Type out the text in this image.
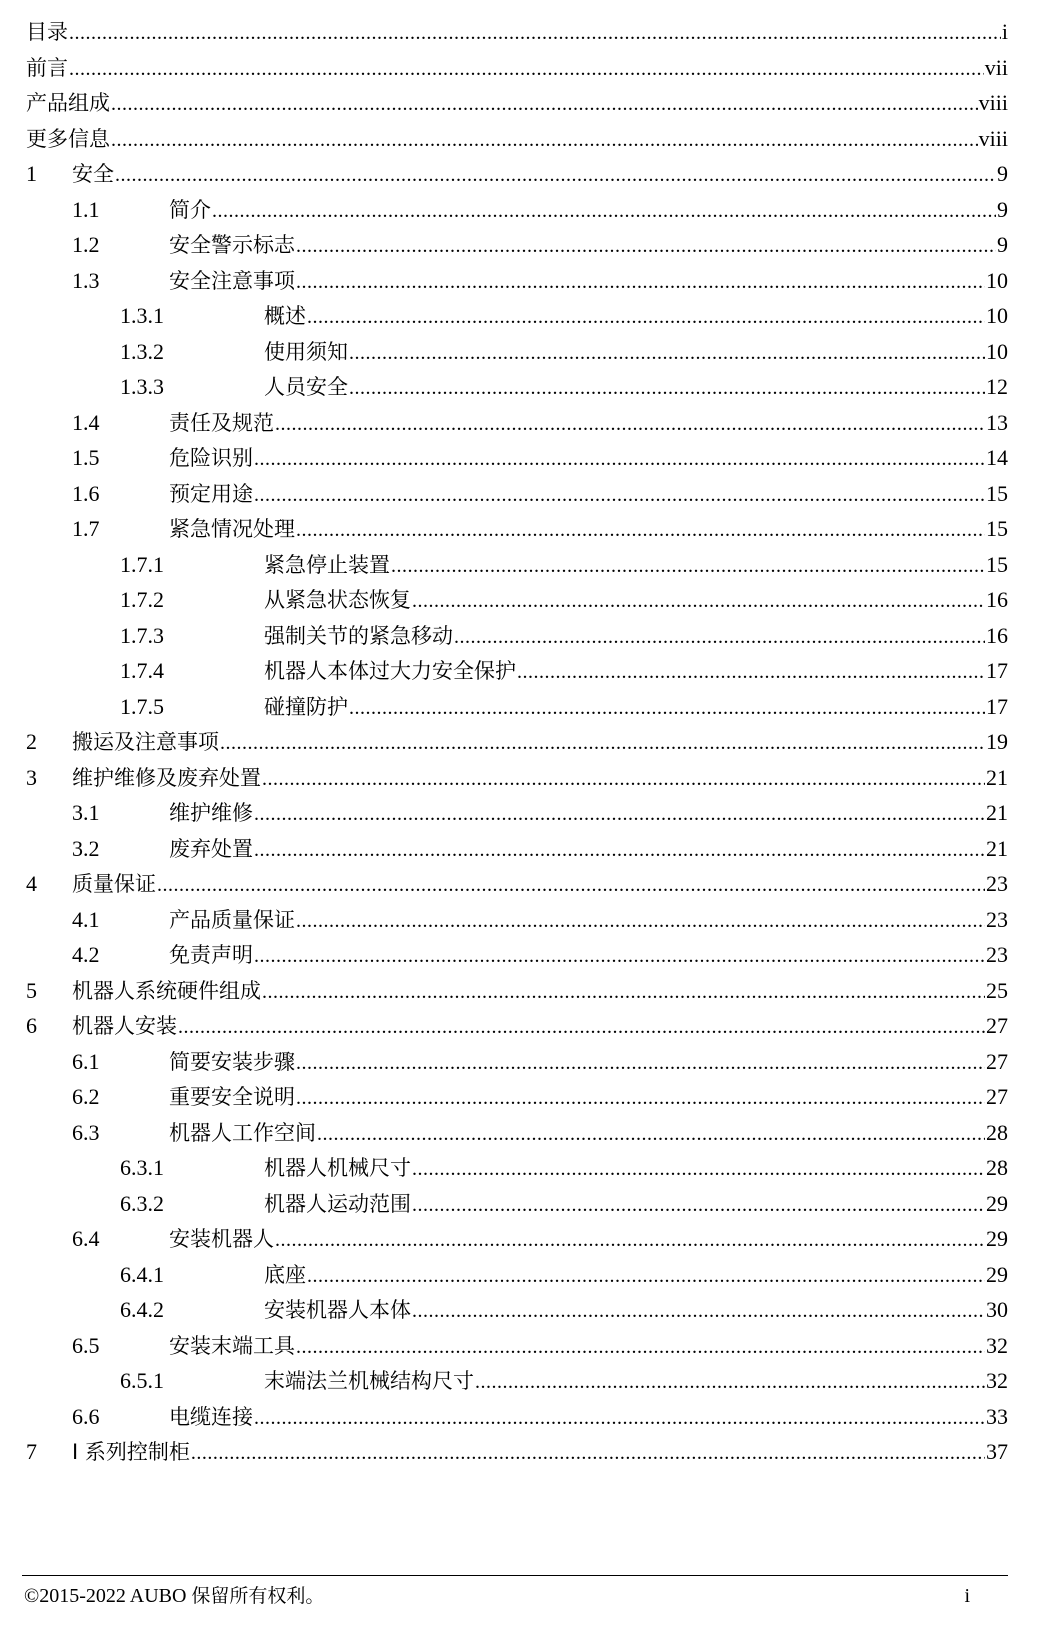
目录 .....	i
前言 .....	vii
产品组成 .....	viii
更多信息 .....	viii
1	安全 .....	9
1.1	简介 .....	9
1.2	安全警示标志 .....	9
1.3	安全注意事项 .....	10
1.3.1	概述 .....	10
1.3.2	使用须知 .....	10
1.3.3	人员安全 .....	12
1.4	责任及规范 .....	13
1.5	危险识别 .....	14
1.6	预定用途 .....	15
1.7	紧急情况处理 .....	15
1.7.1	紧急停止装置 .....	15
1.7.2	从紧急状态恢复 .....	16
1.7.3	强制关节的紧急移动 .....	16
1.7.4	机器人本体过大力安全保护 .....	17
1.7.5	碰撞防护 .....	17
2	搬运及注意事项 .....	19
3	维护维修及废弃处置 .....	21
3.1	维护维修 .....	21
3.2	废弃处置 .....	21
4	质量保证 .....	23
4.1	产品质量保证 .....	23
4.2	免责声明 .....	23
5	机器人系统硬件组成 .....	25
6	机器人安装 .....	27
6.1	简要安装步骤 .....	27
6.2	重要安全说明 .....	27
6.3	机器人工作空间 .....	28
6.3.1	机器人机械尺寸 .....	28
6.3.2	机器人运动范围 .....	29
6.4	安装机器人 .....	29
6.4.1	底座 .....	29
6.4.2	安装机器人本体 .....	30
6.5	安装末端工具 .....	32
6.5.1	末端法兰机械结构尺寸 .....	32
6.6	电缆连接 .....	33
7	I 系列控制柜 .....	37
©2015-2022 AUBO 保留所有权利。	i
